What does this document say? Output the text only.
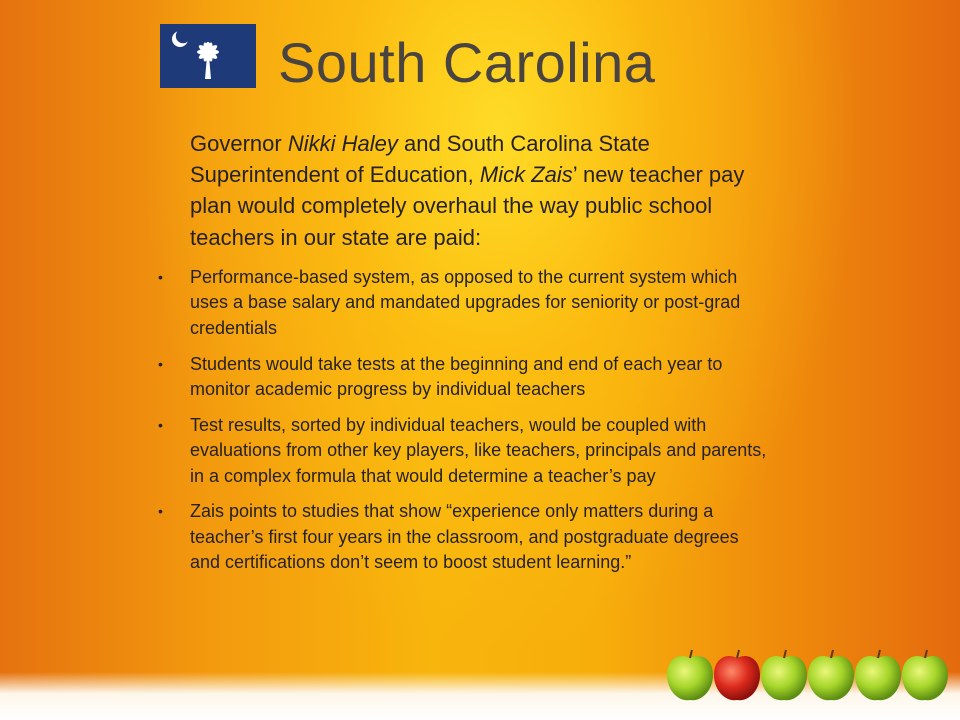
South Carolina

Governor Nikki Haley and South Carolina State Superintendent of Education, Mick Zais’ new teacher pay plan would completely overhaul the way public school teachers in our state are paid:

• Performance-based system, as opposed to the current system which uses a base salary and mandated upgrades for seniority or post-grad credentials
• Students would take tests at the beginning and end of each year to monitor academic progress by individual teachers
• Test results, sorted by individual teachers, would be coupled with evaluations from other key players, like teachers, principals and parents, in a complex formula that would determine a teacher’s pay
• Zais points to studies that show “experience only matters during a teacher’s first four years in the classroom, and postgraduate degrees and certifications don’t seem to boost student learning.”
